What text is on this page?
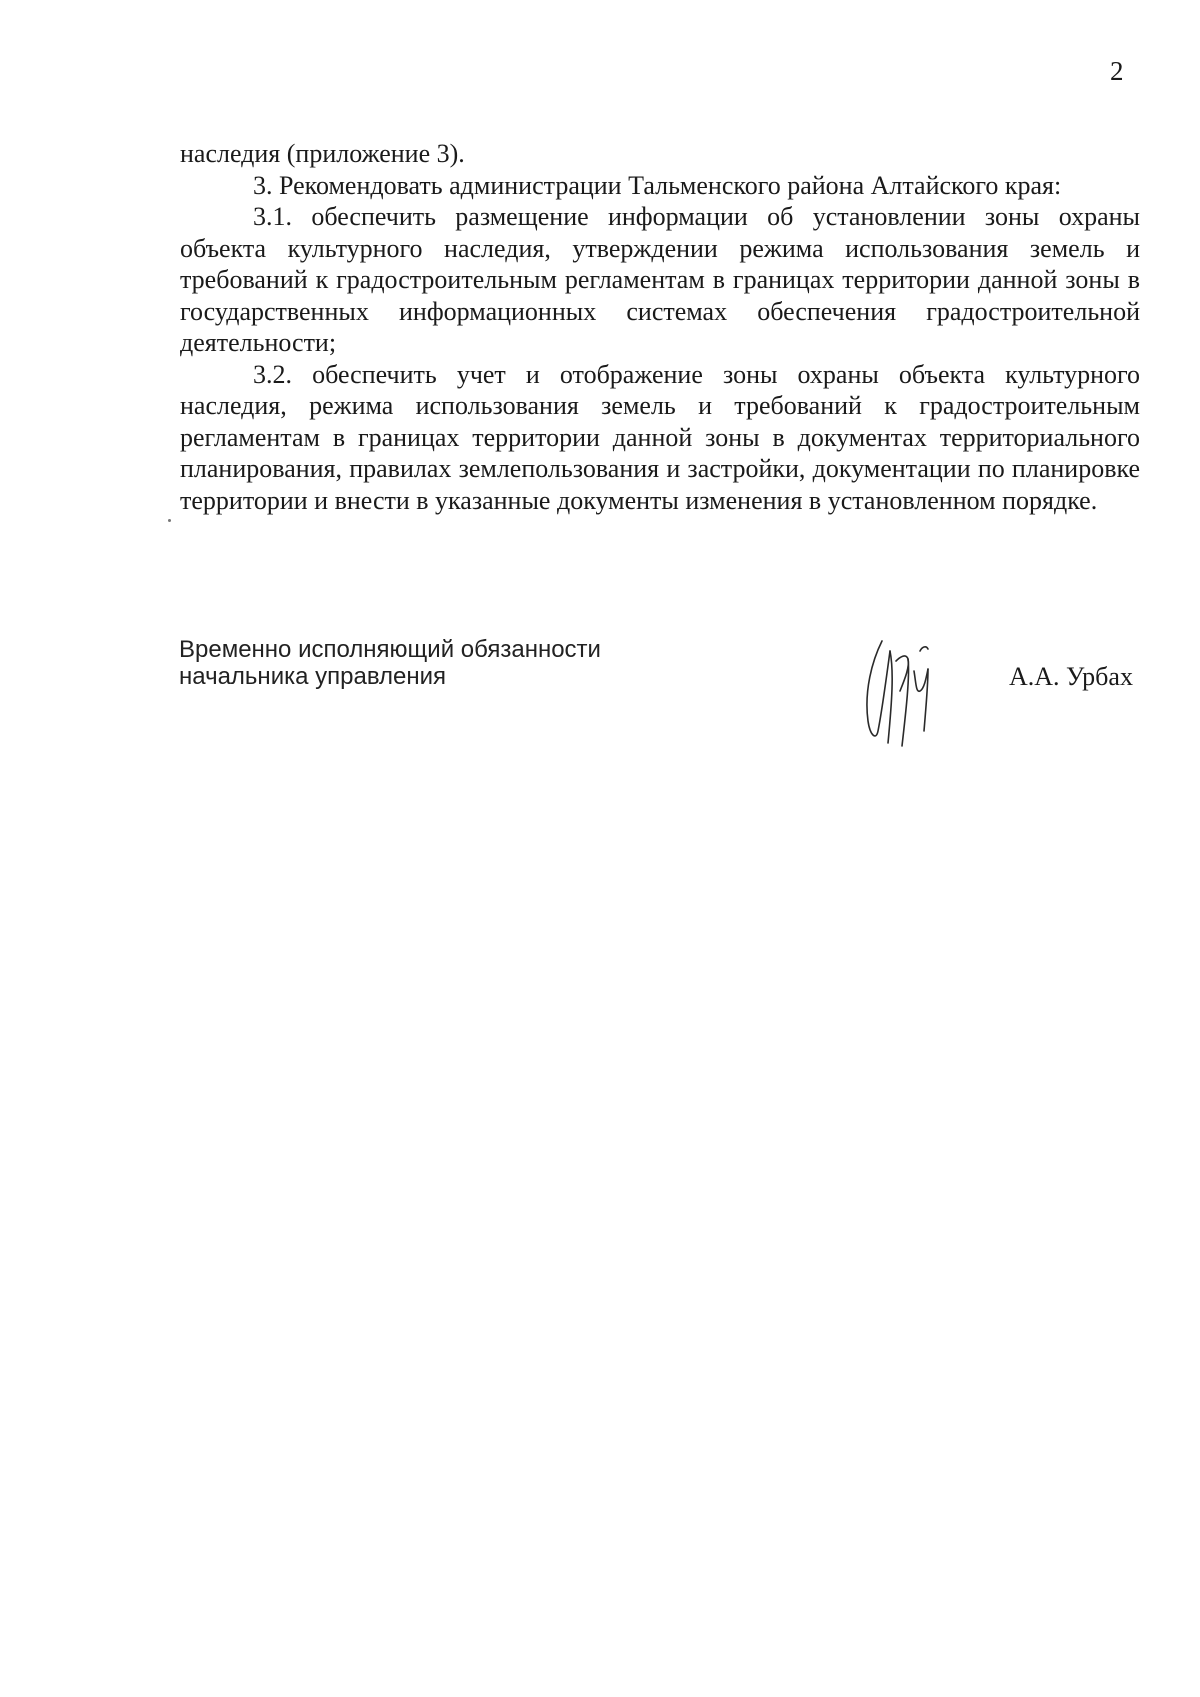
2

наследия (приложение 3).

3. Рекомендовать администрации Тальменского района Алтайского края:

3.1. обеспечить размещение информации об установлении зоны охраны объекта культурного наследия, утверждении режима использования земель и требований к градостроительным регламентам в границах территории данной зоны в государственных информационных системах обеспечения градостроительной деятельности;

3.2. обеспечить учет и отображение зоны охраны объекта культурного наследия, режима использования земель и требований к градостроительным регламентам в границах территории данной зоны в документах территориального планирования, правилах землепользования и застройки, документации по планировке территории и внести в указанные документы изменения в установленном порядке.

Временно исполняющий обязанности
начальника управления	А.А. Урбах
